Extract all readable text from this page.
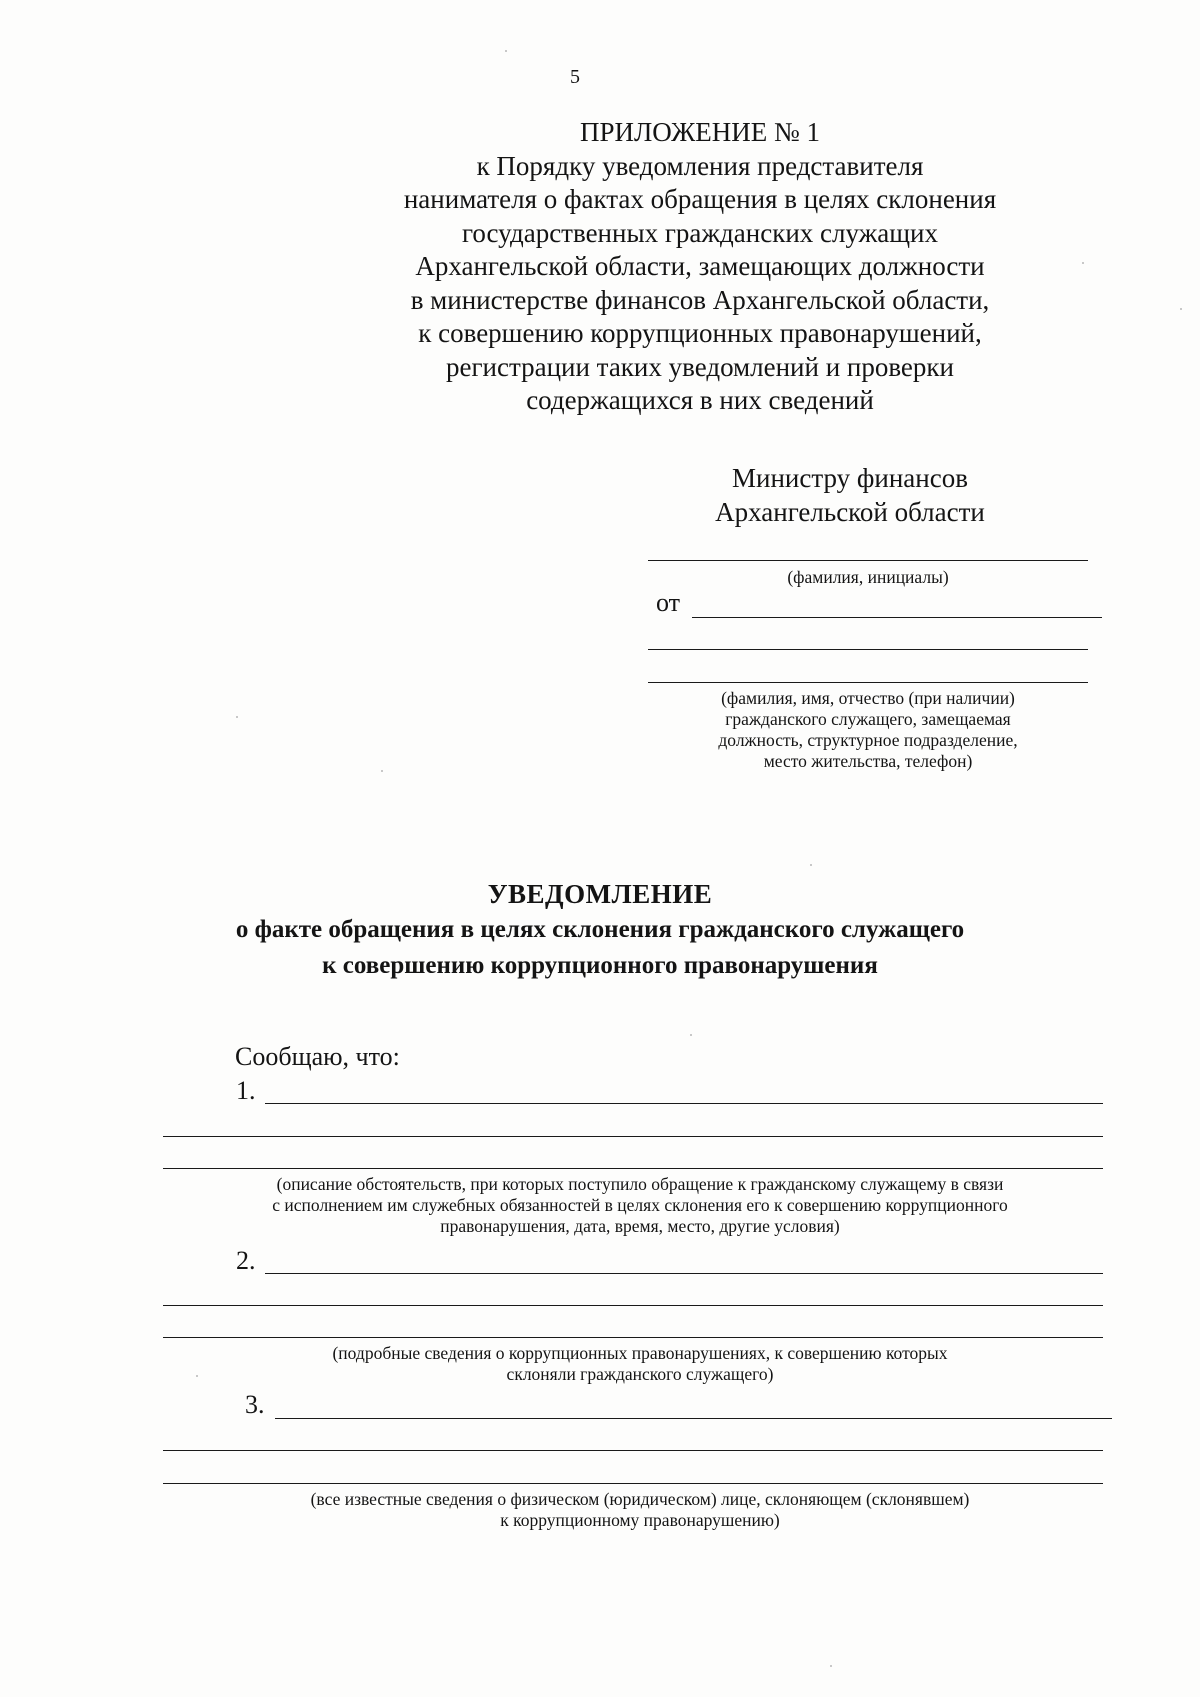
5
ПРИЛОЖЕНИЕ № 1
к Порядку уведомления представителя
нанимателя о фактах обращения в целях склонения
государственных гражданских служащих
Архангельской области, замещающих должности
в министерстве финансов Архангельской области,
к совершению коррупционных правонарушений,
регистрации таких уведомлений и проверки
содержащихся в них сведений
Министру финансов
Архангельской области
(фамилия, инициалы)
от
(фамилия, имя, отчество (при наличии)
гражданского служащего, замещаемая
должность, структурное подразделение,
место жительства, телефон)
УВЕДОМЛЕНИЕ
о факте обращения в целях склонения гражданского служащего
к совершению коррупционного правонарушения
Сообщаю, что:
1.
(описание обстоятельств, при которых поступило обращение к гражданскому служащему в связи
с исполнением им служебных обязанностей в целях склонения его к совершению коррупционного
правонарушения, дата, время, место, другие условия)
2.
(подробные сведения о коррупционных правонарушениях, к совершению которых
склоняли гражданского служащего)
3.
(все известные сведения о физическом (юридическом) лице, склоняющем (склонявшем)
к коррупционному правонарушению)
